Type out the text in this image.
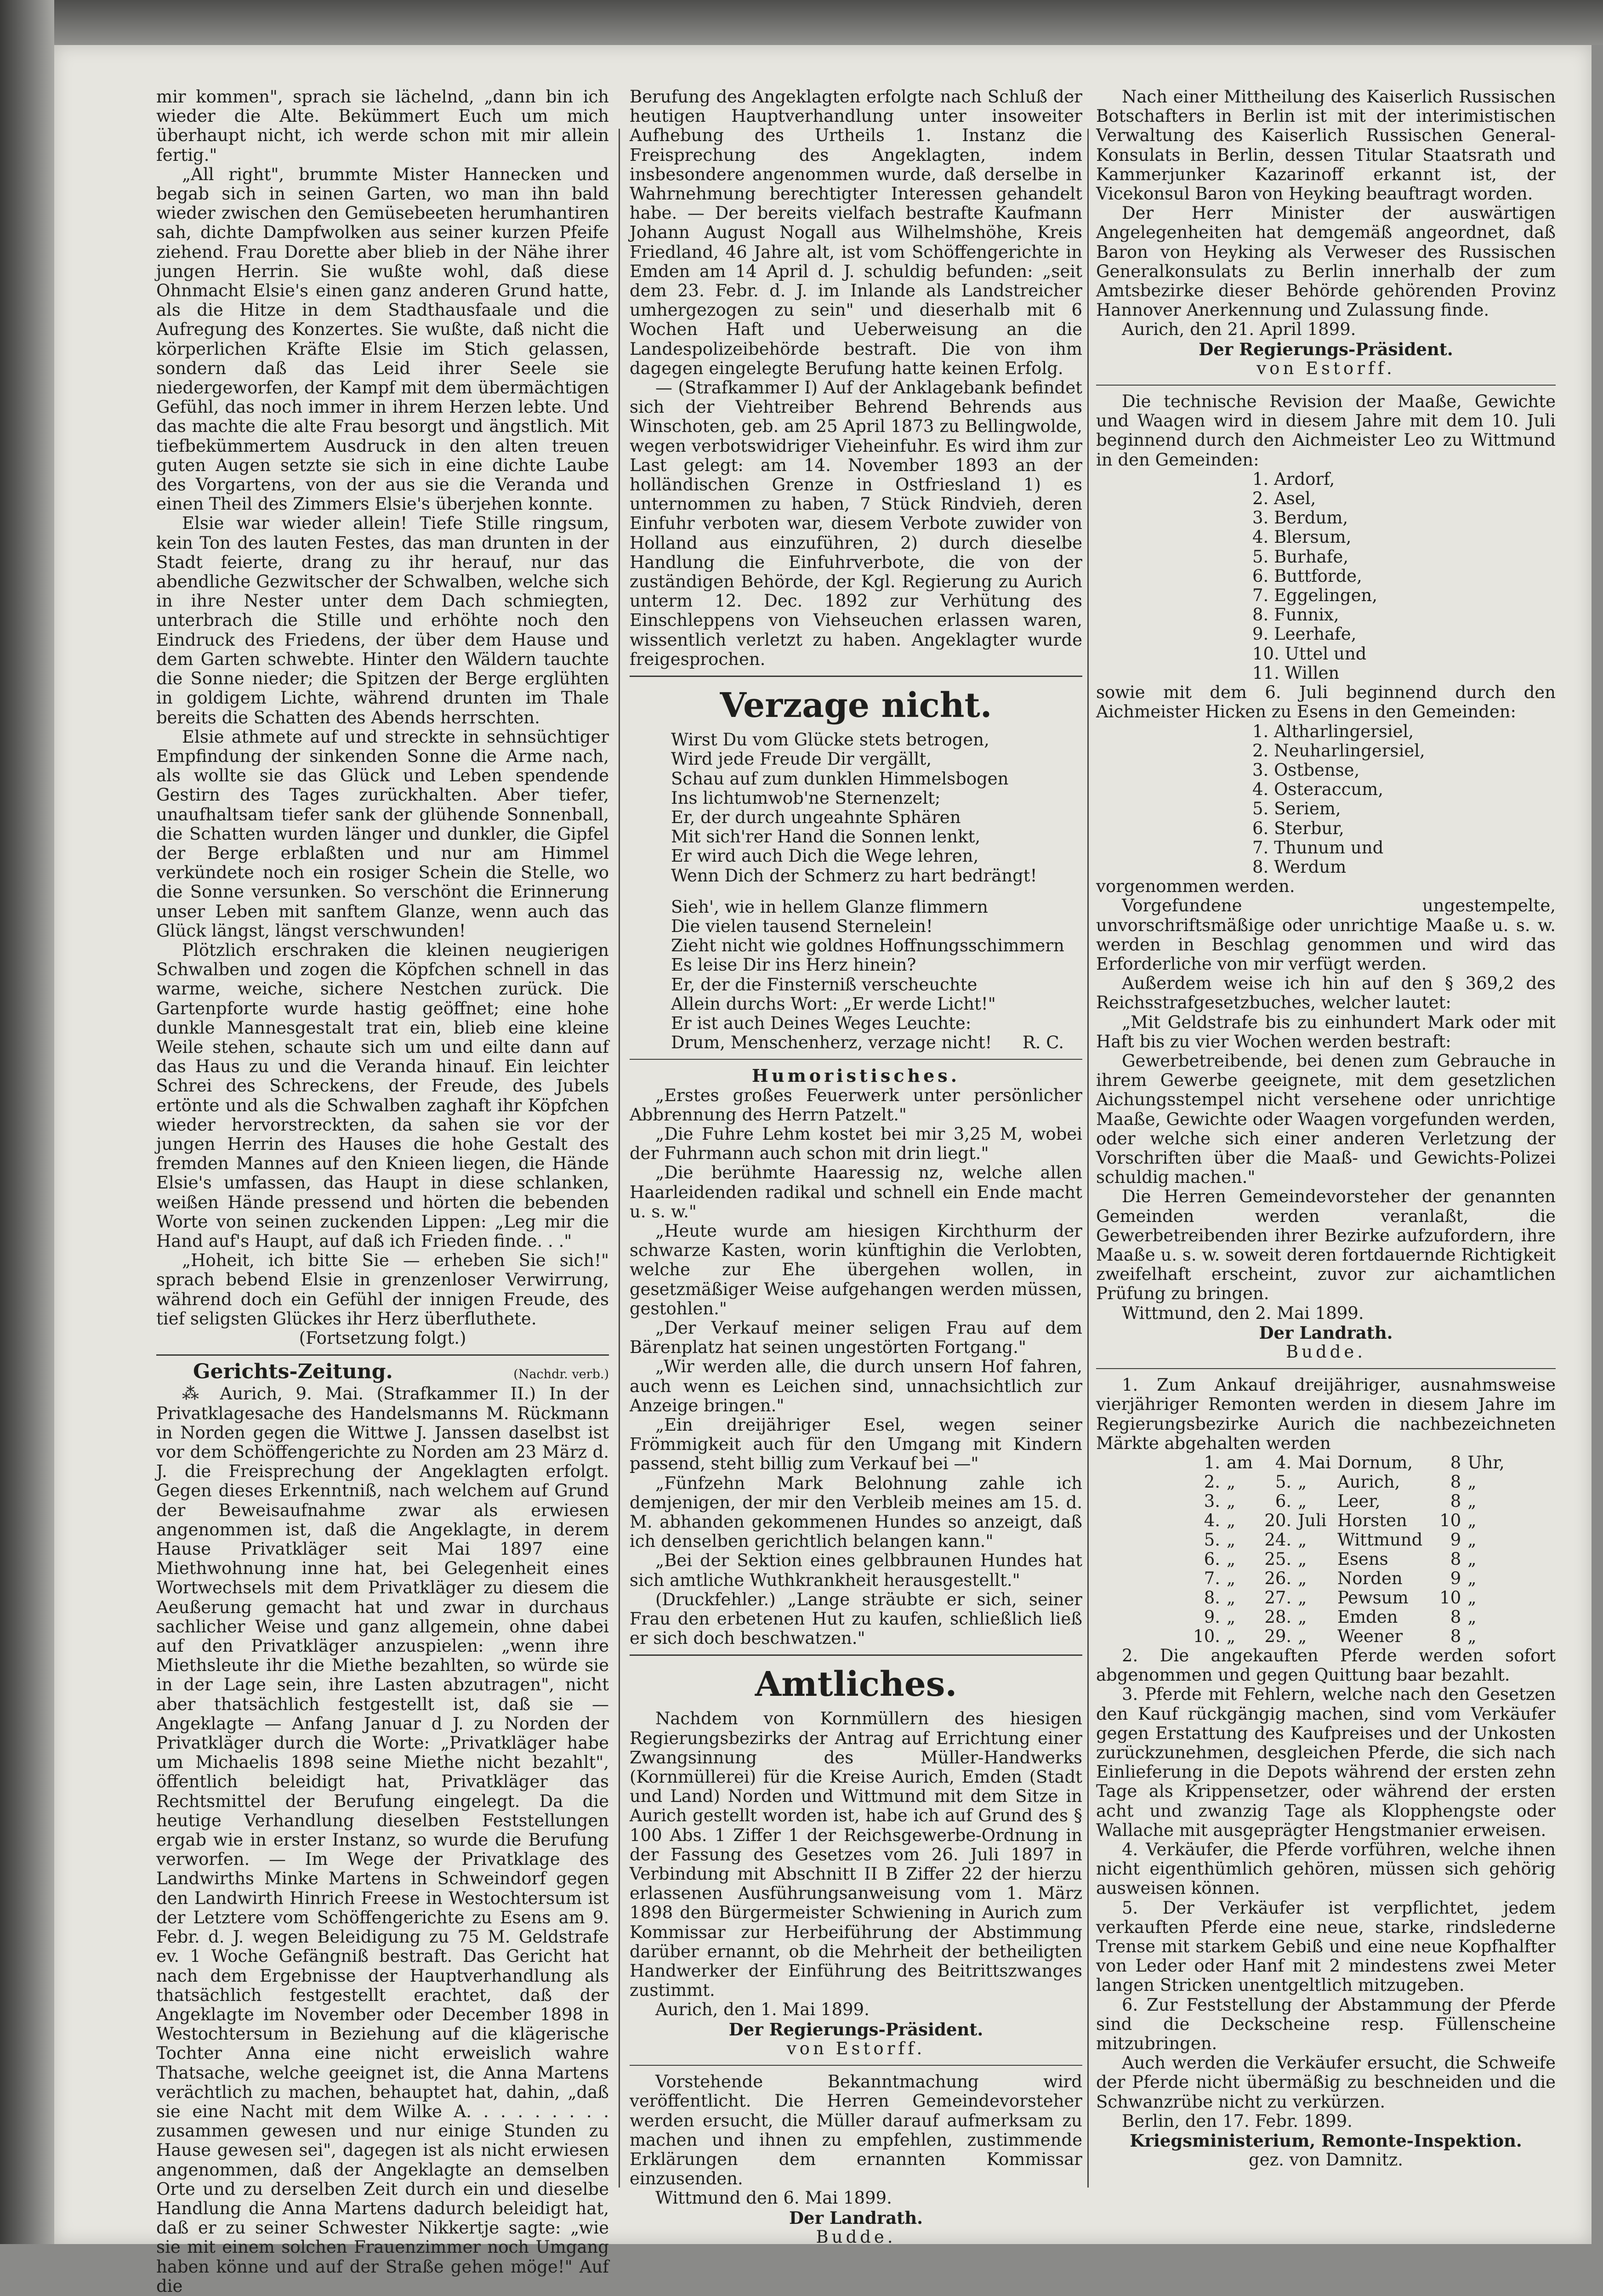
mir kommen", sprach sie lächelnd, „dann bin ich wieder die Alte. Bekümmert Euch um mich überhaupt nicht, ich werde schon mit mir allein fertig."

„All right", brummte Mister Hannecken und begab sich in seinen Garten, wo man ihn bald wieder zwischen den Gemüsebeeten herumhantiren sah, dichte Dampfwolken aus seiner kurzen Pfeife ziehend. Frau Dorette aber blieb in der Nähe ihrer jungen Herrin. Sie wußte wohl, daß diese Ohnmacht Elsie's einen ganz anderen Grund hatte, als die Hitze in dem Stadthausfaale und die Aufregung des Konzertes. Sie wußte, daß nicht die körperlichen Kräfte Elsie im Stich gelassen, sondern daß das Leid ihrer Seele sie niedergeworfen, der Kampf mit dem übermächtigen Gefühl, das noch immer in ihrem Herzen lebte. Und das machte die alte Frau besorgt und ängstlich. Mit tiefbekümmertem Ausdruck in den alten treuen guten Augen setzte sie sich in eine dichte Laube des Vorgartens, von der aus sie die Veranda und einen Theil des Zimmers Elsie's überjehen konnte.

Elsie war wieder allein! Tiefe Stille ringsum, kein Ton des lauten Festes, das man drunten in der Stadt feierte, drang zu ihr herauf, nur das abendliche Gezwitscher der Schwalben, welche sich in ihre Nester unter dem Dach schmiegten, unterbrach die Stille und erhöhte noch den Eindruck des Friedens, der über dem Hause und dem Garten schwebte. Hinter den Wäldern tauchte die Sonne nieder; die Spitzen der Berge erglühten in goldigem Lichte, während drunten im Thale bereits die Schatten des Abends herrschten.

Elsie athmete auf und streckte in sehnsüchtiger Empfindung der sinkenden Sonne die Arme nach, als wollte sie das Glück und Leben spendende Gestirn des Tages zurückhalten. Aber tiefer, unaufhaltsam tiefer sank der glühende Sonnenball, die Schatten wurden länger und dunkler, die Gipfel der Berge erblaßten und nur am Himmel verkündete noch ein rosiger Schein die Stelle, wo die Sonne versunken. So verschönt die Erinnerung unser Leben mit sanftem Glanze, wenn auch das Glück längst, längst verschwunden!

Plötzlich erschraken die kleinen neugierigen Schwalben und zogen die Köpfchen schnell in das warme, weiche, sichere Nestchen zurück. Die Gartenpforte wurde hastig geöffnet; eine hohe dunkle Mannesgestalt trat ein, blieb eine kleine Weile stehen, schaute sich um und eilte dann auf das Haus zu und die Veranda hinauf. Ein leichter Schrei des Schreckens, der Freude, des Jubels ertönte und als die Schwalben zaghaft ihr Köpfchen wieder hervorstreckten, da sahen sie vor der jungen Herrin des Hauses die hohe Gestalt des fremden Mannes auf den Knieen liegen, die Hände Elsie's umfassen, das Haupt in diese schlanken, weißen Hände pressend und hörten die bebenden Worte von seinen zuckenden Lippen: „Leg mir die Hand auf's Haupt, auf daß ich Frieden finde. . ."

„Hoheit, ich bitte Sie — erheben Sie sich!" sprach bebend Elsie in grenzenloser Verwirrung, während doch ein Gefühl der innigen Freude, des tief seligsten Glückes ihr Herz überfluthete.

(Fortsetzung folgt.)

Gerichts-Zeitung.	(Nachdr. verb.)

⁂ Aurich, 9. Mai. (Strafkammer II.) In der Privatklagesache des Handelsmanns M. Rückmann in Norden gegen die Wittwe J. Janssen daselbst ist vor dem Schöffengerichte zu Norden am 23 März d. J. die Freisprechung der Angeklagten erfolgt. Gegen dieses Erkenntniß, nach welchem auf Grund der Beweisaufnahme zwar als erwiesen angenommen ist, daß die Angeklagte, in derem Hause Privatkläger seit Mai 1897 eine Miethwohnung inne hat, bei Gelegenheit eines Wortwechsels mit dem Privatkläger zu diesem die Aeußerung gemacht hat und zwar in durchaus sachlicher Weise und ganz allgemein, ohne dabei auf den Privatkläger anzuspielen: „wenn ihre Miethsleute ihr die Miethe bezahlten, so würde sie in der Lage sein, ihre Lasten abzutragen", nicht aber thatsächlich festgestellt ist, daß sie — Angeklagte — Anfang Januar d J. zu Norden der Privatkläger durch die Worte: „Privatkläger habe um Michaelis 1898 seine Miethe nicht bezahlt", öffentlich beleidigt hat, Privatkläger das Rechtsmittel der Berufung eingelegt. Da die heutige Verhandlung dieselben Feststellungen ergab wie in erster Instanz, so wurde die Berufung verworfen. — Im Wege der Privatklage des Landwirths Minke Martens in Schweindorf gegen den Landwirth Hinrich Freese in Westochtersum ist der Letztere vom Schöffengerichte zu Esens am 9. Febr. d. J. wegen Beleidigung zu 75 M. Geldstrafe ev. 1 Woche Gefängniß bestraft. Das Gericht hat nach dem Ergebnisse der Hauptverhandlung als thatsächlich festgestellt erachtet, daß der Angeklagte im November oder December 1898 in Westochtersum in Beziehung auf die klägerische Tochter Anna eine nicht erweislich wahre Thatsache, welche geeignet ist, die Anna Martens verächtlich zu machen, behauptet hat, dahin, „daß sie eine Nacht mit dem Wilke A. . . . . . . . . zusammen gewesen und nur einige Stunden zu Hause gewesen sei", dagegen ist als nicht erwiesen angenommen, daß der Angeklagte an demselben Orte und zu derselben Zeit durch ein und dieselbe Handlung die Anna Martens dadurch beleidigt hat, daß er zu seiner Schwester Nikkertje sagte: „wie sie mit einem solchen Frauenzimmer noch Umgang haben könne und auf der Straße gehen möge!" Auf die

Berufung des Angeklagten erfolgte nach Schluß der heutigen Hauptverhandlung unter insoweiter Aufhebung des Urtheils 1. Instanz die Freisprechung des Angeklagten, indem insbesondere angenommen wurde, daß derselbe in Wahrnehmung berechtigter Interessen gehandelt habe. — Der bereits vielfach bestrafte Kaufmann Johann August Nogall aus Wilhelmshöhe, Kreis Friedland, 46 Jahre alt, ist vom Schöffengerichte in Emden am 14 April d. J. schuldig befunden: „seit dem 23. Febr. d. J. im Inlande als Landstreicher umhergezogen zu sein" und dieserhalb mit 6 Wochen Haft und Ueberweisung an die Landespolizeibehörde bestraft. Die von ihm dagegen eingelegte Berufung hatte keinen Erfolg.

— (Strafkammer I) Auf der Anklagebank befindet sich der Viehtreiber Behrend Behrends aus Winschoten, geb. am 25 April 1873 zu Bellingwolde, wegen verbotswidriger Vieheinfuhr. Es wird ihm zur Last gelegt: am 14. November 1893 an der holländischen Grenze in Ostfriesland 1) es unternommen zu haben, 7 Stück Rindvieh, deren Einfuhr verboten war, diesem Verbote zuwider von Holland aus einzuführen, 2) durch dieselbe Handlung die Einfuhrverbote, die von der zuständigen Behörde, der Kgl. Regierung zu Aurich unterm 12. Dec. 1892 zur Verhütung des Einschleppens von Viehseuchen erlassen waren, wissentlich verletzt zu haben. Angeklagter wurde freigesprochen.

Verzage nicht.

Wirst Du vom Glücke stets betrogen,

Wird jede Freude Dir vergällt,

Schau auf zum dunklen Himmelsbogen

Ins lichtumwob'ne Sternenzelt;

Er, der durch ungeahnte Sphären

Mit sich'rer Hand die Sonnen lenkt,

Er wird auch Dich die Wege lehren,

Wenn Dich der Schmerz zu hart bedrängt!

Sieh', wie in hellem Glanze flimmern

Die vielen tausend Sternelein!

Zieht nicht wie goldnes Hoffnungsschimmern

Es leise Dir ins Herz hinein?

Er, der die Finsterniß verscheuchte

Allein durchs Wort: „Er werde Licht!"

Er ist auch Deines Weges Leuchte:

Drum, Menschenherz, verzage nicht! R. C.

Humoristisches.

„Erstes großes Feuerwerk unter persönlicher Abbrennung des Herrn Patzelt."

„Die Fuhre Lehm kostet bei mir 3,25 M, wobei der Fuhrmann auch schon mit drin liegt."

„Die berühmte Haaressig nz, welche allen Haarleidenden radikal und schnell ein Ende macht u. s. w."

„Heute wurde am hiesigen Kirchthurm der schwarze Kasten, worin künftighin die Verlobten, welche zur Ehe übergehen wollen, in gesetzmäßiger Weise aufgehangen werden müssen, gestohlen."

„Der Verkauf meiner seligen Frau auf dem Bärenplatz hat seinen ungestörten Fortgang."

„Wir werden alle, die durch unsern Hof fahren, auch wenn es Leichen sind, unnachsichtlich zur Anzeige bringen."

„Ein dreijähriger Esel, wegen seiner Frömmigkeit auch für den Umgang mit Kindern passend, steht billig zum Verkauf bei —"

„Fünfzehn Mark Belohnung zahle ich demjenigen, der mir den Verbleib meines am 15. d. M. abhanden gekommenen Hundes so anzeigt, daß ich denselben gerichtlich belangen kann."

„Bei der Sektion eines gelbbraunen Hundes hat sich amtliche Wuthkrankheit herausgestellt."

(Druckfehler.) „Lange sträubte er sich, seiner Frau den erbetenen Hut zu kaufen, schließlich ließ er sich doch beschwatzen."

Amtliches.

Nachdem von Kornmüllern des hiesigen Regierungsbezirks der Antrag auf Errichtung einer Zwangsinnung des Müller-Handwerks (Kornmüllerei) für die Kreise Aurich, Emden (Stadt und Land) Norden und Wittmund mit dem Sitze in Aurich gestellt worden ist, habe ich auf Grund des § 100 Abs. 1 Ziffer 1 der Reichsgewerbe-Ordnung in der Fassung des Gesetzes vom 26. Juli 1897 in Verbindung mit Abschnitt II B Ziffer 22 der hierzu erlassenen Ausführungsanweisung vom 1. März 1898 den Bürgermeister Schwiening in Aurich zum Kommissar zur Herbeiführung der Abstimmung darüber ernannt, ob die Mehrheit der betheiligten Handwerker der Einführung des Beitrittszwanges zustimmt.

Aurich, den 1. Mai 1899.

Der Regierungs-Präsident.

von Estorff.

Vorstehende Bekanntmachung wird veröffentlicht. Die Herren Gemeindevorsteher werden ersucht, die Müller darauf aufmerksam zu machen und ihnen zu empfehlen, zustimmende Erklärungen dem ernannten Kommissar einzusenden.

Wittmund den 6. Mai 1899.

Der Landrath.

Budde.

Nach einer Mittheilung des Kaiserlich Russischen Botschafters in Berlin ist mit der interimistischen Verwaltung des Kaiserlich Russischen General-Konsulats in Berlin, dessen Titular Staatsrath und Kammerjunker Kazarinoff erkannt ist, der Vicekonsul Baron von Heyking beauftragt worden.

Der Herr Minister der auswärtigen Angelegenheiten hat demgemäß angeordnet, daß Baron von Heyking als Verweser des Russischen Generalkonsulats zu Berlin innerhalb der zum Amtsbezirke dieser Behörde gehörenden Provinz Hannover Anerkennung und Zulassung finde.

Aurich, den 21. April 1899.

Der Regierungs-Präsident.

von Estorff.

Die technische Revision der Maaße, Gewichte und Waagen wird in diesem Jahre mit dem 10. Juli beginnend durch den Aichmeister Leo zu Wittmund in den Gemeinden:

1. Ardorf,

2. Asel,

3. Berdum,

4. Blersum,

5. Burhafe,

6. Buttforde,

7. Eggelingen,

8. Funnix,

9. Leerhafe,

10. Uttel und

11. Willen

sowie mit dem 6. Juli beginnend durch den Aichmeister Hicken zu Esens in den Gemeinden:

1. Altharlingersiel,

2. Neuharlingersiel,

3. Ostbense,

4. Osteraccum,

5. Seriem,

6. Sterbur,

7. Thunum und

8. Werdum

vorgenommen werden.

Vorgefundene ungestempelte, unvorschriftsmäßige oder unrichtige Maaße u. s. w. werden in Beschlag genommen und wird das Erforderliche von mir verfügt werden.

Außerdem weise ich hin auf den § 369,2 des Reichsstrafgesetzbuches, welcher lautet:

„Mit Geldstrafe bis zu einhundert Mark oder mit Haft bis zu vier Wochen werden bestraft:

Gewerbetreibende, bei denen zum Gebrauche in ihrem Gewerbe geeignete, mit dem gesetzlichen Aichungsstempel nicht versehene oder unrichtige Maaße, Gewichte oder Waagen vorgefunden werden, oder welche sich einer anderen Verletzung der Vorschriften über die Maaß- und Gewichts-Polizei schuldig machen."

Die Herren Gemeindevorsteher der genannten Gemeinden werden veranlaßt, die Gewerbetreibenden ihrer Bezirke aufzufordern, ihre Maaße u. s. w. soweit deren fortdauernde Richtigkeit zweifelhaft erscheint, zuvor zur aichamtlichen Prüfung zu bringen.

Wittmund, den 2. Mai 1899.

Der Landrath.

Budde.

1. Zum Ankauf dreijähriger, ausnahmsweise vierjähriger Remonten werden in diesem Jahre im Regierungsbezirke Aurich die nachbezeichneten Märkte abgehalten werden

1.	am	4.	Mai	Dornum,	8	Uhr,
2.	„	5.	„	Aurich,	8	„
3.	„	6.	„	Leer,	8	„
4.	„	20.	Juli	Horsten	10	„
5.	„	24.	„	Wittmund	9	„
6.	„	25.	„	Esens	8	„
7.	„	26.	„	Norden	9	„
8.	„	27.	„	Pewsum	10	„
9.	„	28.	„	Emden	8	„
10.	„	29.	„	Weener	8	„

2. Die angekauften Pferde werden sofort abgenommen und gegen Quittung baar bezahlt.

3. Pferde mit Fehlern, welche nach den Gesetzen den Kauf rückgängig machen, sind vom Verkäufer gegen Erstattung des Kaufpreises und der Unkosten zurückzunehmen, desgleichen Pferde, die sich nach Einlieferung in die Depots während der ersten zehn Tage als Krippensetzer, oder während der ersten acht und zwanzig Tage als Klopphengste oder Wallache mit ausgeprägter Hengstmanier erweisen.

4. Verkäufer, die Pferde vorführen, welche ihnen nicht eigenthümlich gehören, müssen sich gehörig ausweisen können.

5. Der Verkäufer ist verpflichtet, jedem verkauften Pferde eine neue, starke, rindslederne Trense mit starkem Gebiß und eine neue Kopfhalfter von Leder oder Hanf mit 2 mindestens zwei Meter langen Stricken unentgeltlich mitzugeben.

6. Zur Feststellung der Abstammung der Pferde sind die Deckscheine resp. Füllenscheine mitzubringen.

Auch werden die Verkäufer ersucht, die Schweife der Pferde nicht übermäßig zu beschneiden und die Schwanzrübe nicht zu verkürzen.

Berlin, den 17. Febr. 1899.

Kriegsministerium, Remonte-Inspektion.

gez. von Damnitz.
